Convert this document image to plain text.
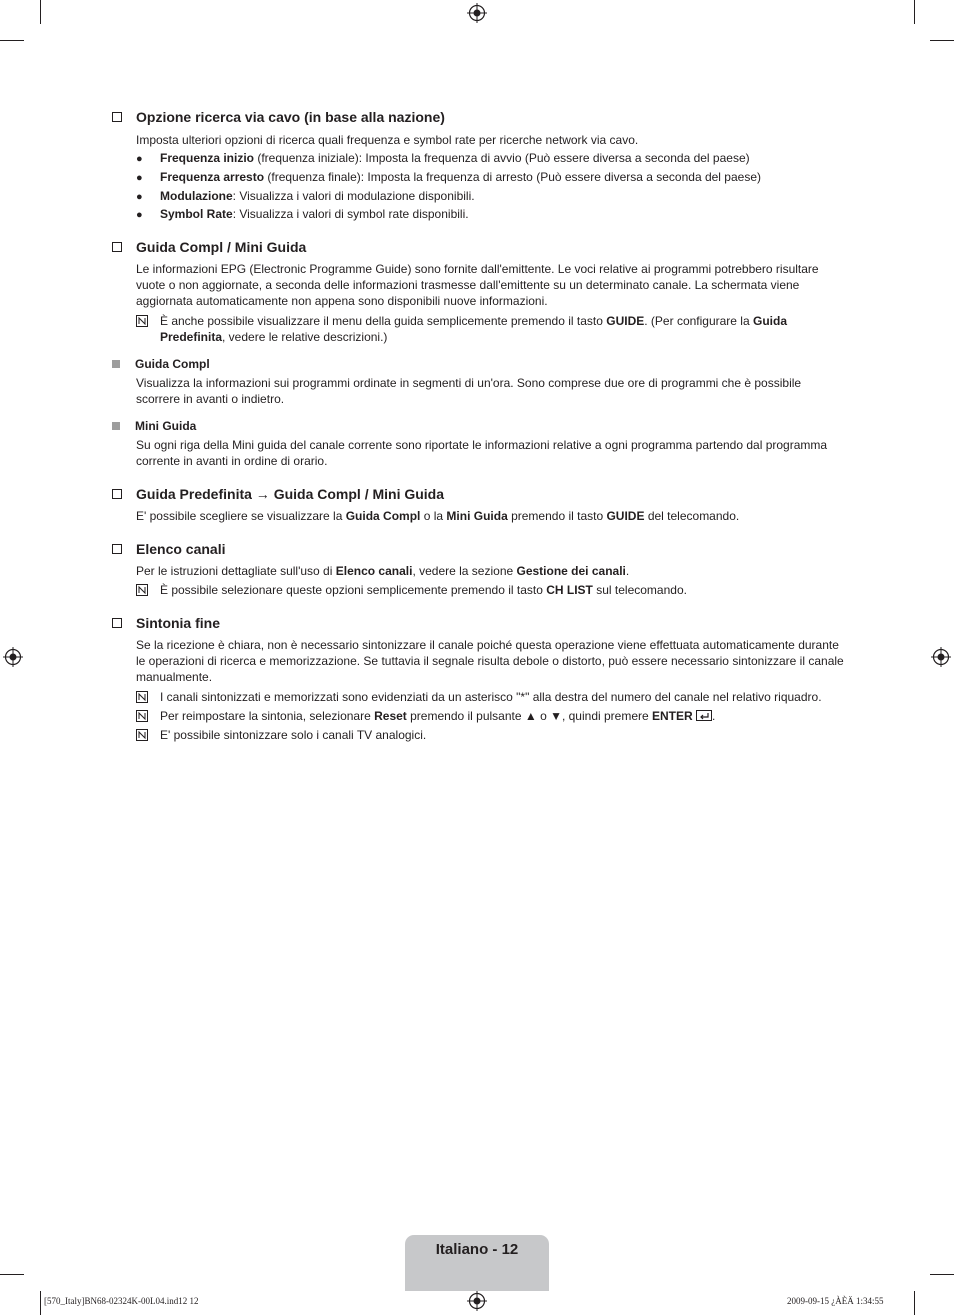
Opzione ricerca via cavo (in base alla nazione)
Imposta ulteriori opzioni di ricerca quali frequenza e symbol rate per ricerche network via cavo.
● Frequenza inizio (frequenza iniziale): Imposta la frequenza di avvio (Può essere diversa a seconda del paese)
● Frequenza arresto (frequenza finale): Imposta la frequenza di arresto (Può essere diversa a seconda del paese)
● Modulazione: Visualizza i valori di modulazione disponibili.
● Symbol Rate: Visualizza i valori di symbol rate disponibili.
Guida Compl / Mini Guida
Le informazioni EPG (Electronic Programme Guide) sono fornite dall'emittente. Le voci relative ai programmi potrebbero risultare vuote o non aggiornate, a seconda delle informazioni trasmesse dall'emittente su un determinato canale. La schermata viene aggiornata automaticamente non appena sono disponibili nuove informazioni.
È anche possibile visualizzare il menu della guida semplicemente premendo il tasto GUIDE. (Per configurare la Guida Predefinita, vedere le relative descrizioni.)
Guida Compl
Visualizza la informazioni sui programmi ordinate in segmenti di un'ora. Sono comprese due ore di programmi che è possibile scorrere in avanti o indietro.
Mini Guida
Su ogni riga della Mini guida del canale corrente sono riportate le informazioni relative a ogni programma partendo dal programma corrente in avanti in ordine di orario.
Guida Predefinita → Guida Compl / Mini Guida
E' possibile scegliere se visualizzare la Guida Compl o la Mini Guida premendo il tasto GUIDE del telecomando.
Elenco canali
Per le istruzioni dettagliate sull'uso di Elenco canali, vedere la sezione Gestione dei canali.
È possibile selezionare queste opzioni semplicemente premendo il tasto CH LIST sul telecomando.
Sintonia fine
Se la ricezione è chiara, non è necessario sintonizzare il canale poiché questa operazione viene effettuata automaticamente durante le operazioni di ricerca e memorizzazione. Se tuttavia il segnale risulta debole o distorto, può essere necessario sintonizzare il canale manualmente.
I canali sintonizzati e memorizzati sono evidenziati da un asterisco "*" alla destra del numero del canale nel relativo riquadro.
Per reimpostare la sintonia, selezionare Reset premendo il pulsante ▲ o ▼, quindi premere ENTER .
E' possibile sintonizzare solo i canali TV analogici.
Italiano - 12
[570_Italy]BN68-02324K-00L04.ind12 12	2009-09-15 ¿ÀÈÄ 1:34:55
